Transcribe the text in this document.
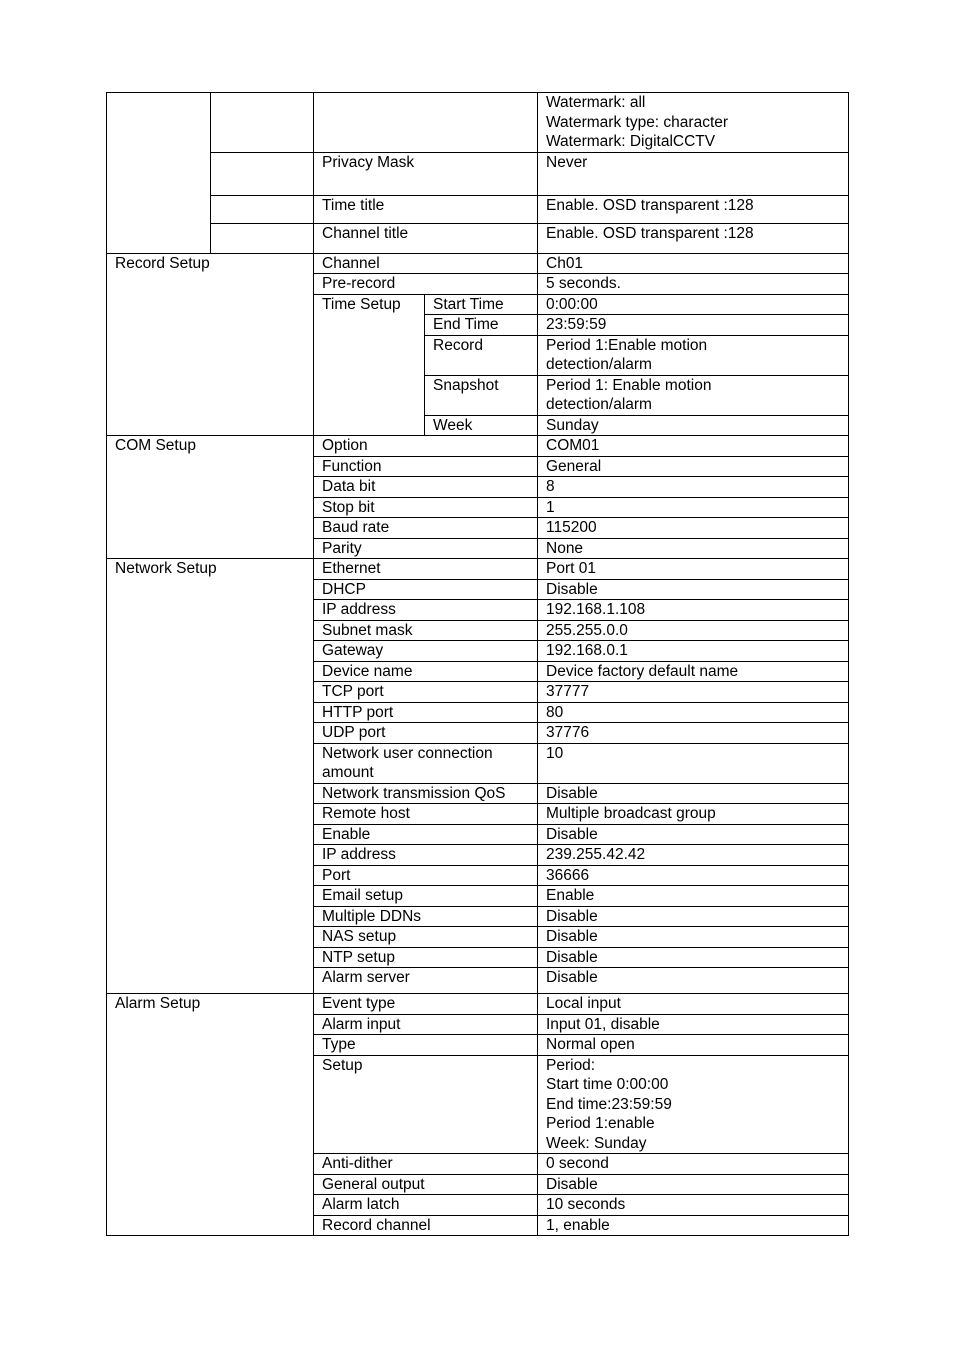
				Watermark: all
Watermark type: character
Watermark: DigitalCCTV
		Privacy Mask		Never
		Time title		Enable. OSD transparent :128
		Channel title		Enable. OSD transparent :128
Record Setup		Channel		Ch01
		Pre-record		5 seconds.
		Time Setup	Start Time	0:00:00
			End Time	23:59:59
			Record	Period 1:Enable motion
detection/alarm
			Snapshot	Period 1: Enable motion
detection/alarm
			Week	Sunday
COM Setup		Option		COM01
		Function		General
		Data bit		8
		Stop bit		1
		Baud rate		115200
		Parity		None
Network Setup		Ethernet		Port 01
		DHCP		Disable
		IP address		192.168.1.108
		Subnet mask		255.255.0.0
		Gateway		192.168.0.1
		Device name		Device factory default name
		TCP port		37777
		HTTP port		80
		UDP port		37776
		Network user connection
amount		10
		Network transmission QoS		Disable
		Remote host		Multiple broadcast group
		Enable		Disable
		IP address		239.255.42.42
		Port		36666
		Email setup		Enable
		Multiple DDNs		Disable
		NAS setup		Disable
		NTP setup		Disable
		Alarm server		Disable
Alarm Setup		Event type		Local input
		Alarm input		Input 01, disable
		Type		Normal open
		Setup		Period:
Start time 0:00:00
End time:23:59:59
Period 1:enable
Week: Sunday
		Anti-dither		0 second
		General output		Disable
		Alarm latch		10 seconds
		Record channel		1, enable
